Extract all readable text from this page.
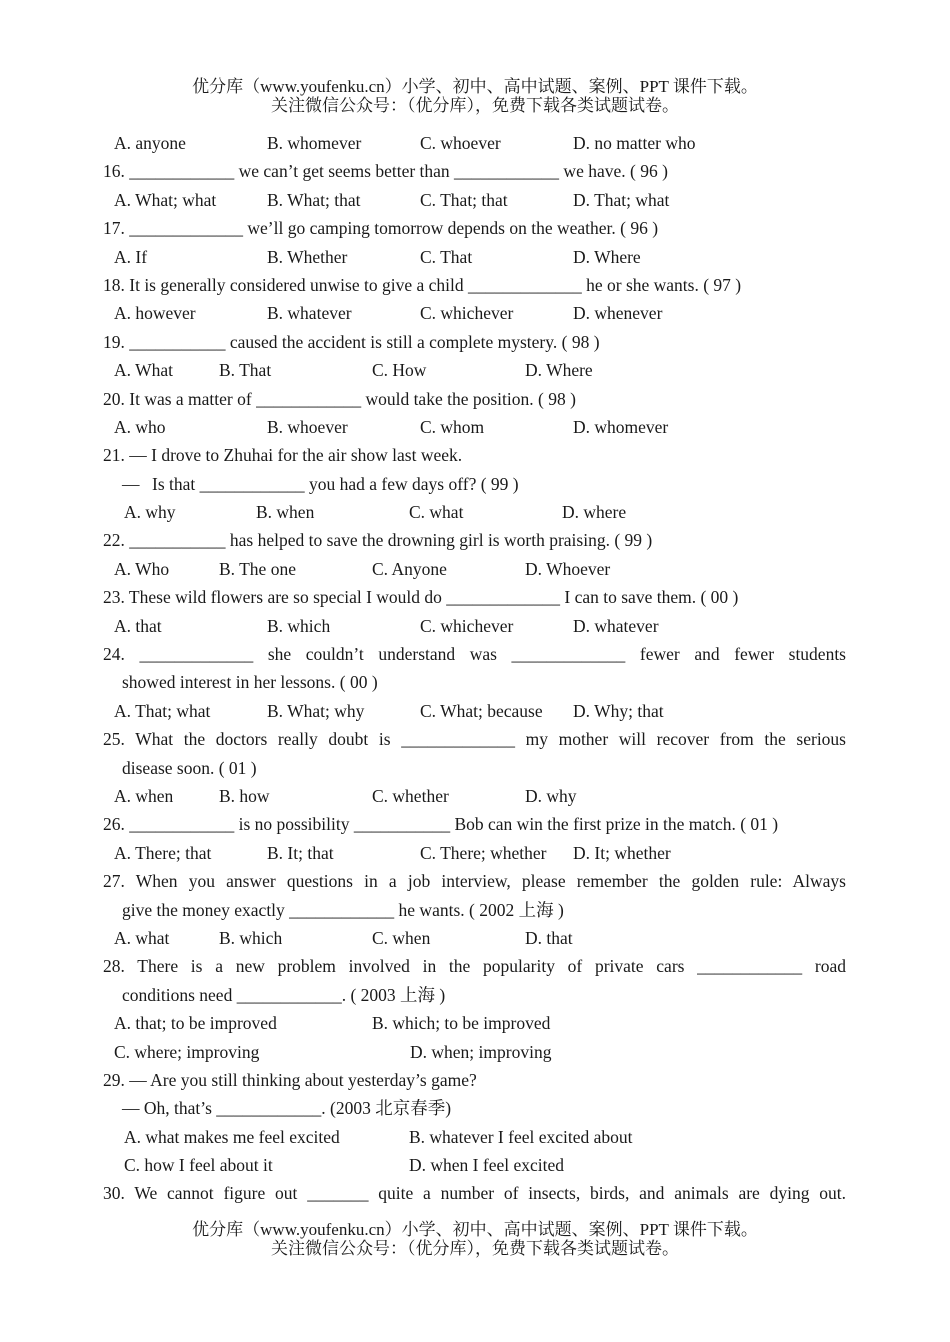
优分库（www.youfenku.cn）小学、初中、高中试题、案例、PPT 课件下载。
关注微信公众号：（优分库），免费下载各类试题试卷。
A. anyone	B. whomever	C. whoever	D. no matter who
16. ____________ we can’t get seems better than ____________ we have. ( 96 )
A. What; what	B. What; that	C. That; that	D. That; what
17. _____________ we’ll go camping tomorrow depends on the weather. ( 96 )
A. If	B. Whether	C. That	D. Where
18. It is generally considered unwise to give a child _____________ he or she wants. ( 97 )
A. however	B. whatever	C. whichever	D. whenever
19. ___________ caused the accident is still a complete mystery. ( 98 )
A. What	B. That	C. How	D. Where
20. It was a matter of ____________ would take the position. ( 98 )
A. who	B. whoever	C. whom	D. whomever
21. — I drove to Zhuhai for the air show last week.
— Is that ____________ you had a few days off? ( 99 )
A. why	B. when	C. what	D. where
22. ___________ has helped to save the drowning girl is worth praising. ( 99 )
A. Who	B. The one	C. Anyone	D. Whoever
23. These wild flowers are so special I would do _____________ I can to save them. ( 00 )
A. that	B. which	C. whichever	D. whatever
24. _____________ she couldn’t understand was _____________ fewer and fewer students
showed interest in her lessons. ( 00 )
A. That; what	B. What; why	C. What; because	D. Why; that
25. What the doctors really doubt is _____________ my mother will recover from the serious
disease soon. ( 01 )
A. when	B. how	C. whether	D. why
26. ____________ is no possibility ___________ Bob can win the first prize in the match. ( 01 )
A. There; that	B. It; that	C. There; whether	D. It; whether
27. When you answer questions in a job interview, please remember the golden rule: Always
give the money exactly ____________ he wants. ( 2002 上海 )
A. what	B. which	C. when	D. that
28. There is a new problem involved in the popularity of private cars ____________ road
conditions need ____________. ( 2003 上海 )
A. that; to be improved	B. which; to be improved
C. where; improving	D. when; improving
29. — Are you still thinking about yesterday’s game?
— Oh, that’s ____________. (2003 北京春季)
A. what makes me feel excited	B. whatever I feel excited about
C. how I feel about it	D. when I feel excited
30. We cannot figure out _______ quite a number of insects, birds, and animals are dying out.
优分库（www.youfenku.cn）小学、初中、高中试题、案例、PPT 课件下载。
关注微信公众号：（优分库），免费下载各类试题试卷。
